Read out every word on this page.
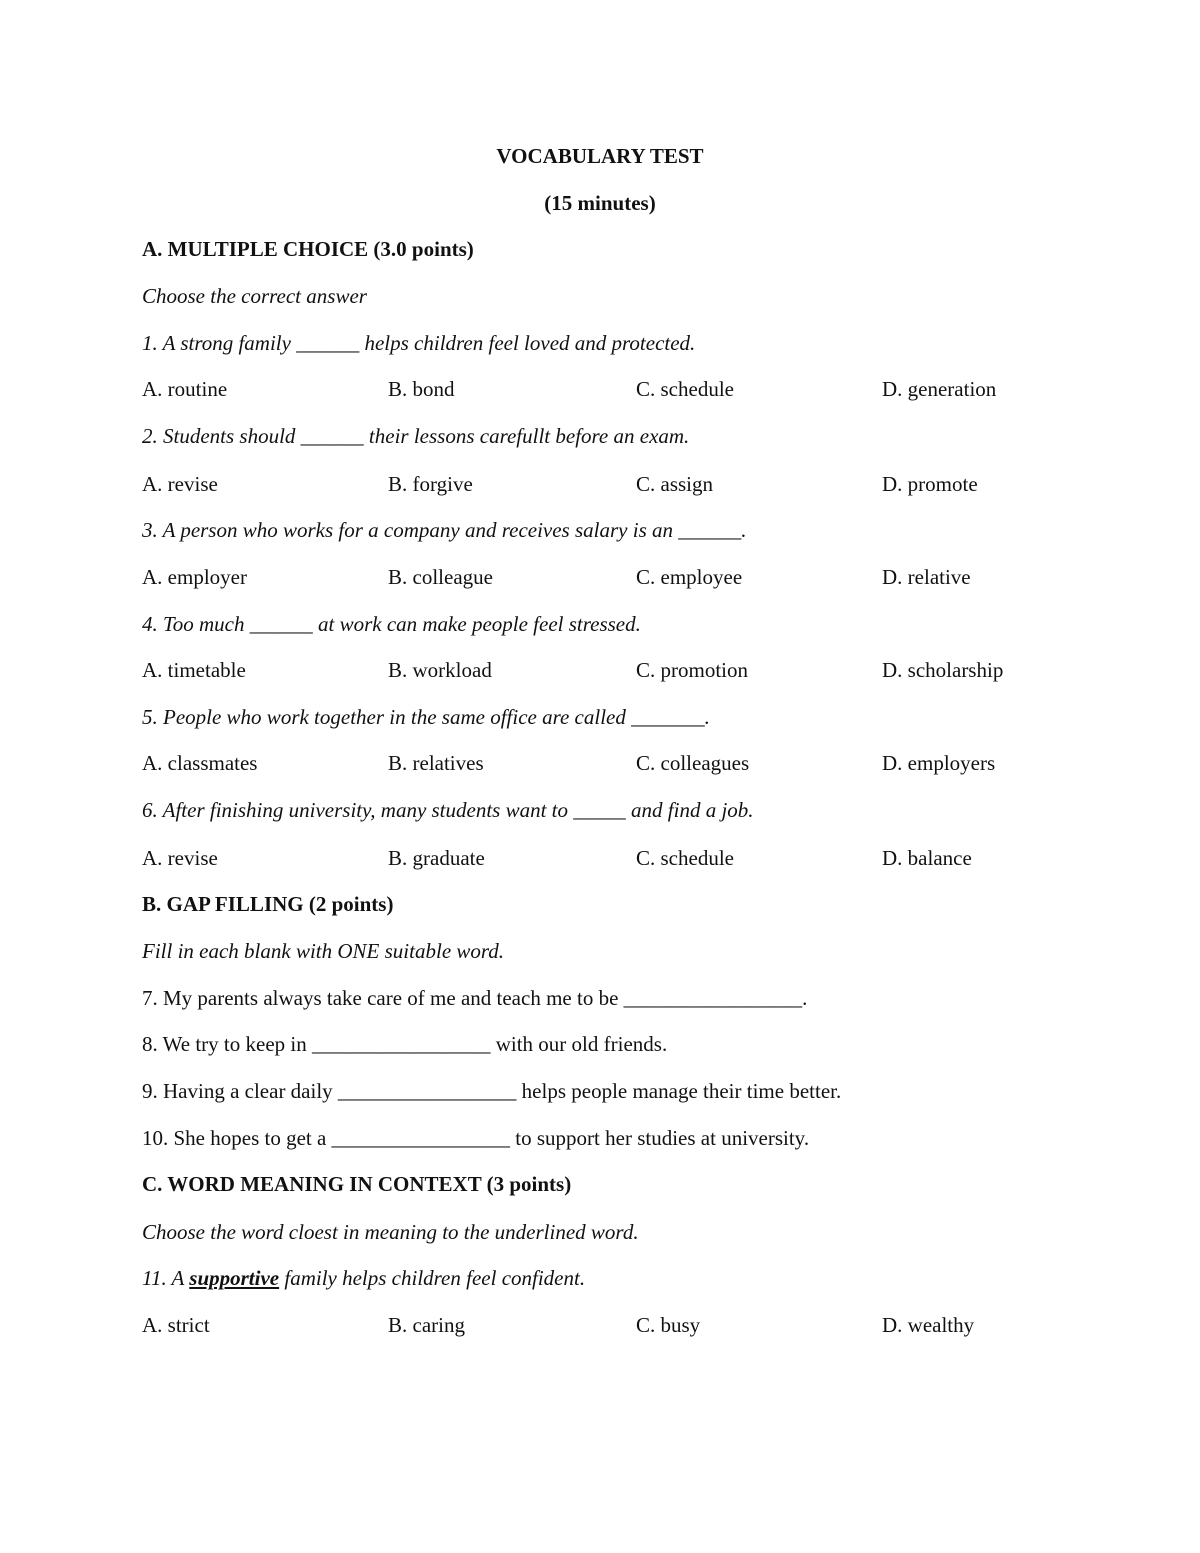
VOCABULARY TEST
(15 minutes)
A. MULTIPLE CHOICE (3.0 points)
Choose the correct answer
1. A strong family ______ helps children feel loved and protected.
A. routine	B. bond	C. schedule	D. generation
2. Students should ______ their lessons carefullt before an exam.
A. revise	B. forgive	C. assign	D. promote
3. A person who works for a company and receives salary is an ______.
A. employer	B. colleague	C. employee	D. relative
4. Too much ______ at work can make people feel stressed.
A. timetable	B. workload	C. promotion	D. scholarship
5. People who work together in the same office are called _______.
A. classmates	B. relatives	C. colleagues	D. employers
6. After finishing university, many students want to _____ and find a job.
A. revise	B. graduate	C. schedule	D. balance
B. GAP FILLING (2 points)
Fill in each blank with ONE suitable word.
7. My parents always take care of me and teach me to be _________________.
8. We try to keep in _________________ with our old friends.
9. Having a clear daily _________________ helps people manage their time better.
10. She hopes to get a _________________ to support her studies at university.
C. WORD MEANING IN CONTEXT (3 points)
Choose the word cloest in meaning to the underlined word.
11. A supportive family helps children feel confident.
A. strict	B. caring	C. busy	D. wealthy
